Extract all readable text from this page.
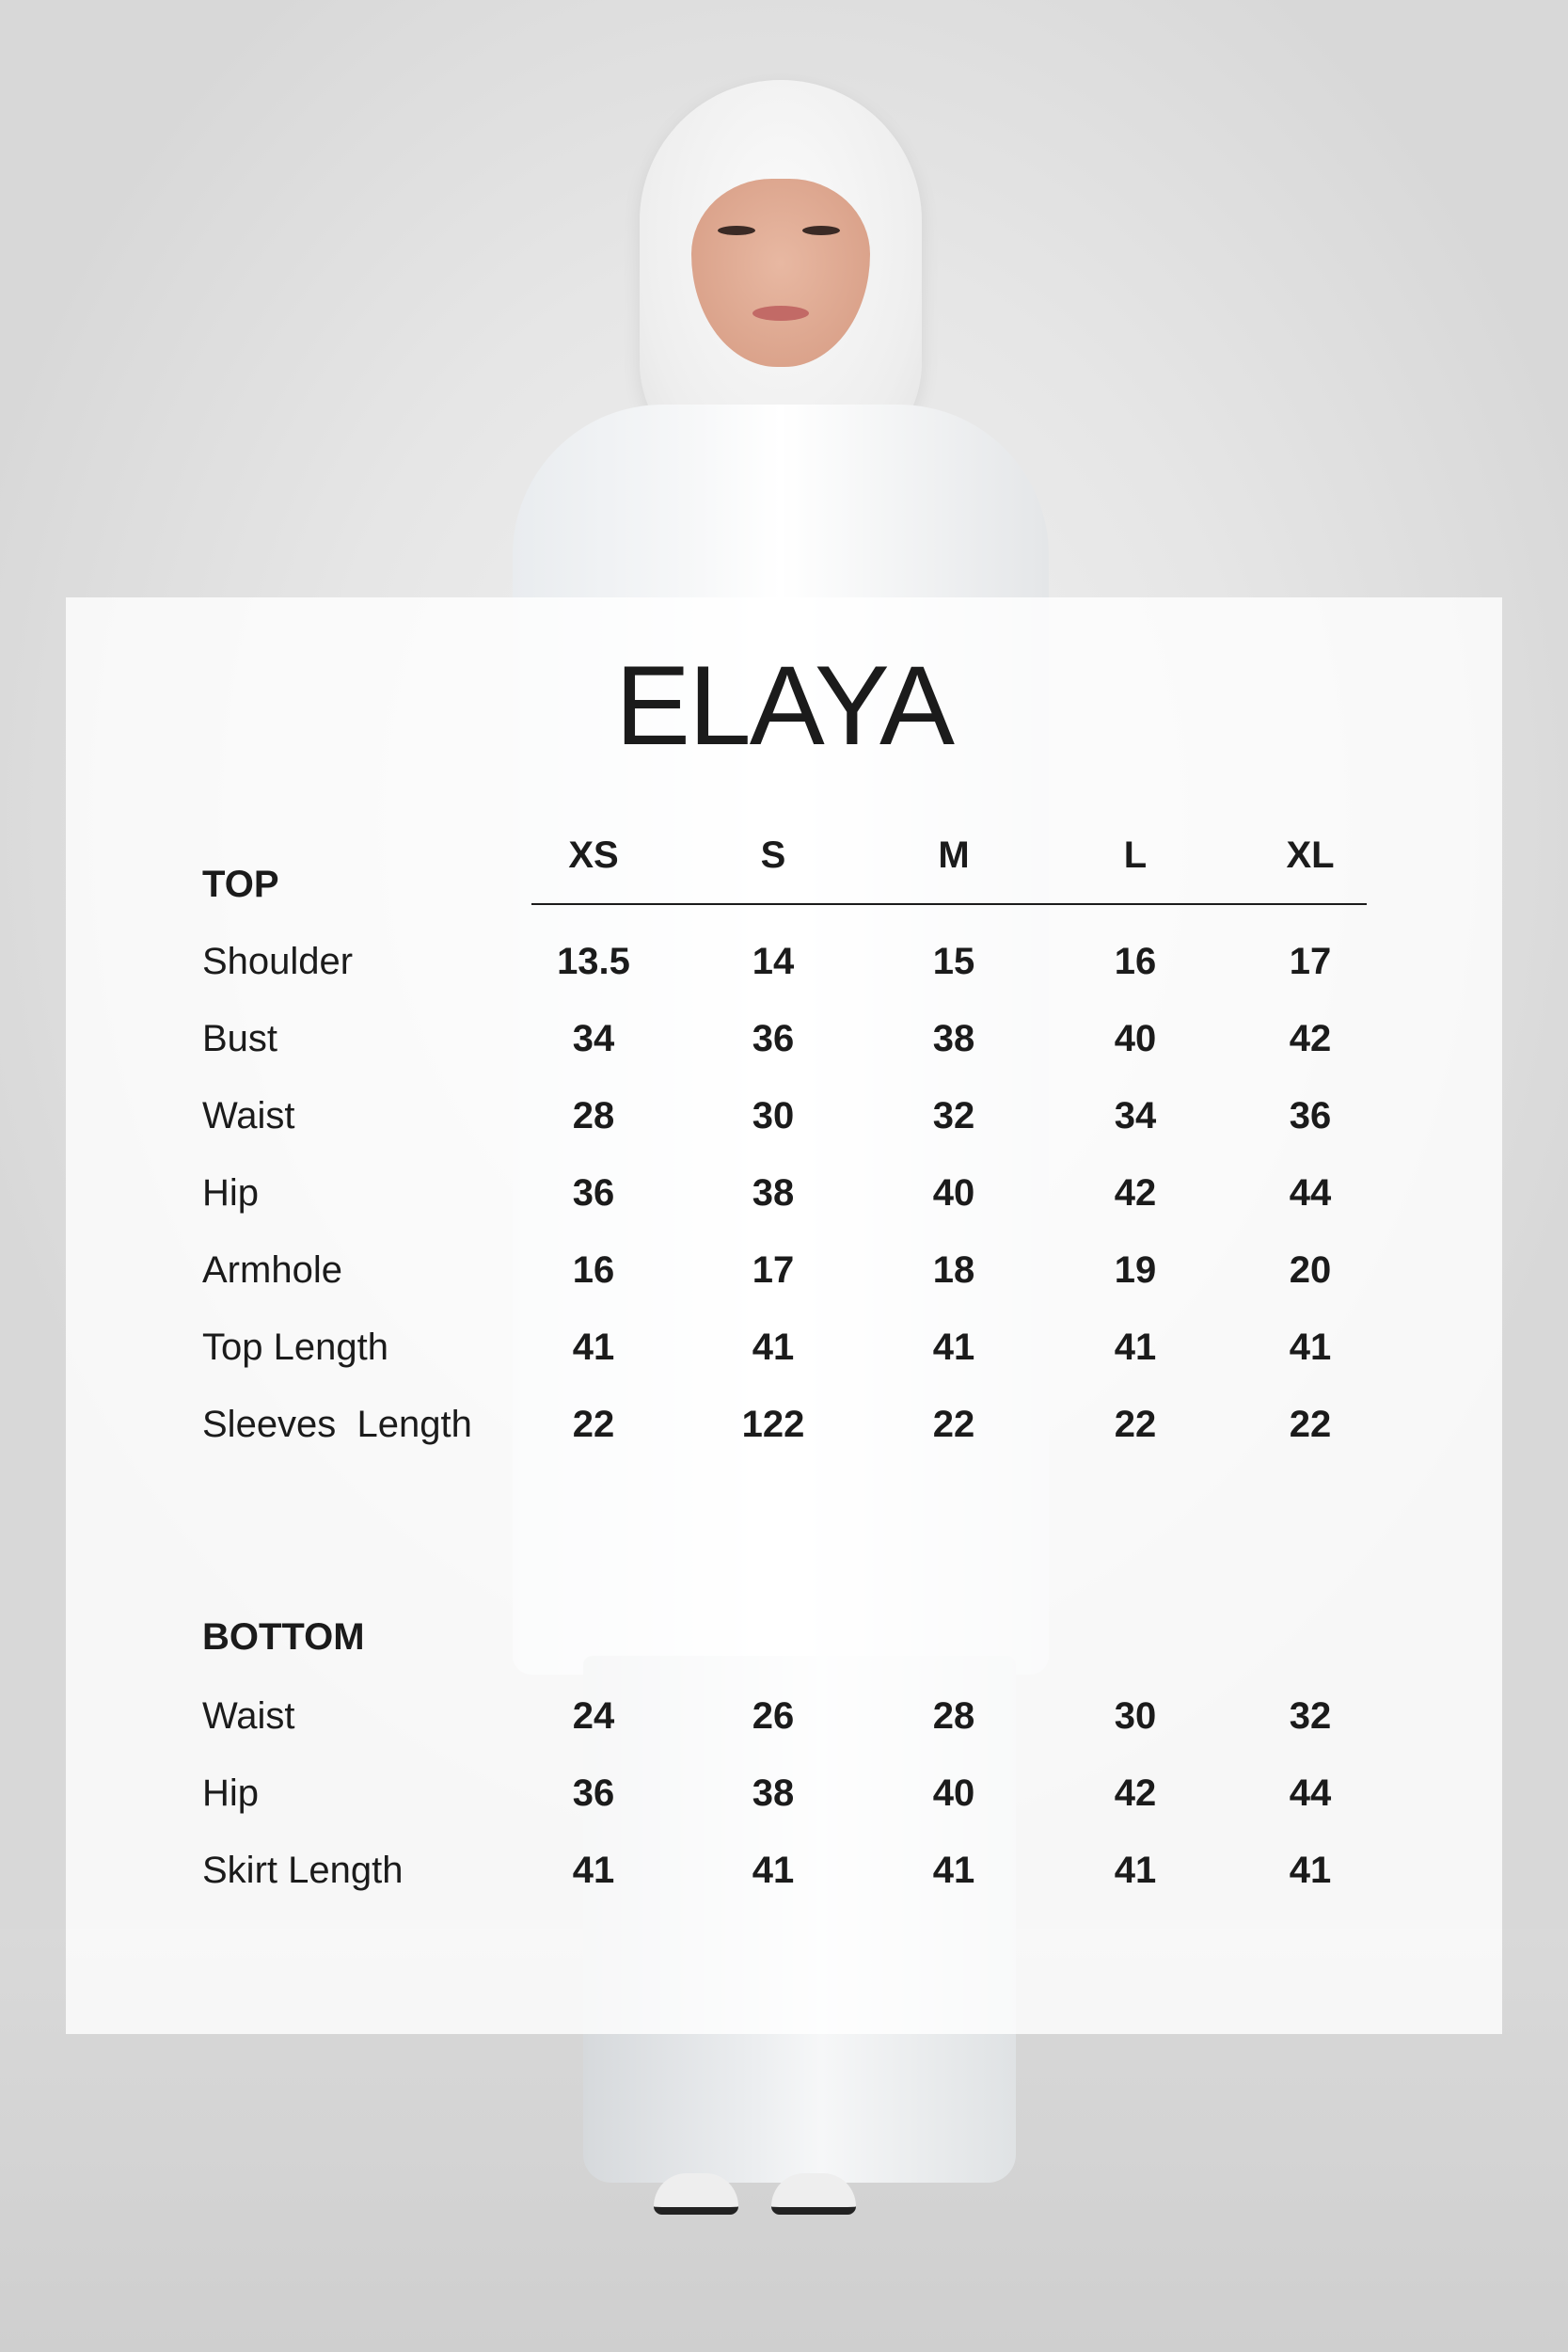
ELAYA
TOP
XS	S	M	L	XL
Shoulder	13.5	14	15	16	17
Bust	34	36	38	40	42
Waist	28	30	32	34	36
Hip	36	38	40	42	44
Armhole	16	17	18	19	20
Top Length	41	41	41	41	41
Sleeves  Length	22	122	22	22	22
BOTTOM
Waist	24	26	28	30	32
Hip	36	38	40	42	44
Skirt Length	41	41	41	41	41
